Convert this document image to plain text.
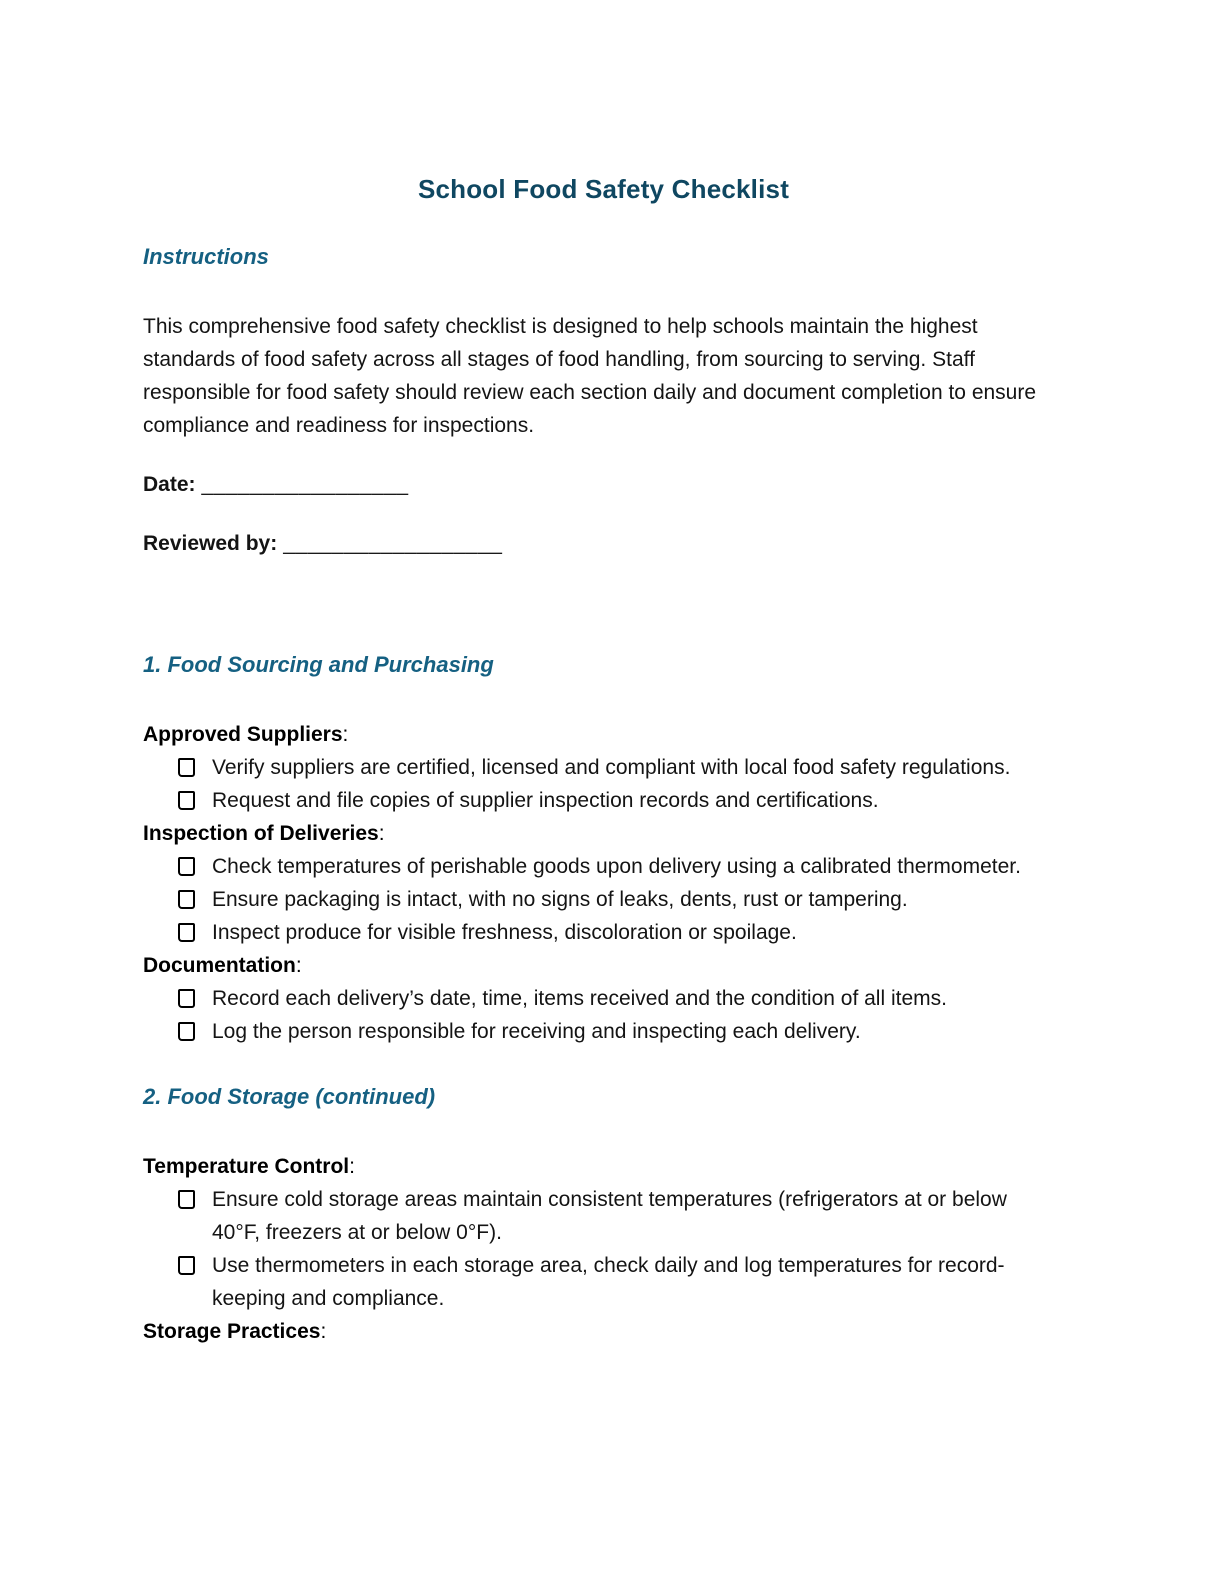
School Food Safety Checklist
Instructions

This comprehensive food safety checklist is designed to help schools maintain the highest standards of food safety across all stages of food handling, from sourcing to serving. Staff responsible for food safety should review each section daily and document completion to ensure compliance and readiness for inspections.

Date: _________________

Reviewed by: __________________

1. Food Sourcing and Purchasing

Approved Suppliers:

Verify suppliers are certified, licensed and compliant with local food safety regulations.
Request and file copies of supplier inspection records and certifications.

Inspection of Deliveries:

Check temperatures of perishable goods upon delivery using a calibrated thermometer.
Ensure packaging is intact, with no signs of leaks, dents, rust or tampering.
Inspect produce for visible freshness, discoloration or spoilage.

Documentation:

Record each delivery’s date, time, items received and the condition of all items.
Log the person responsible for receiving and inspecting each delivery.
2. Food Storage (continued)

Temperature Control:

Ensure cold storage areas maintain consistent temperatures (refrigerators at or below 40°F, freezers at or below 0°F).
Use thermometers in each storage area, check daily and log temperatures for record-keeping and compliance.

Storage Practices:
